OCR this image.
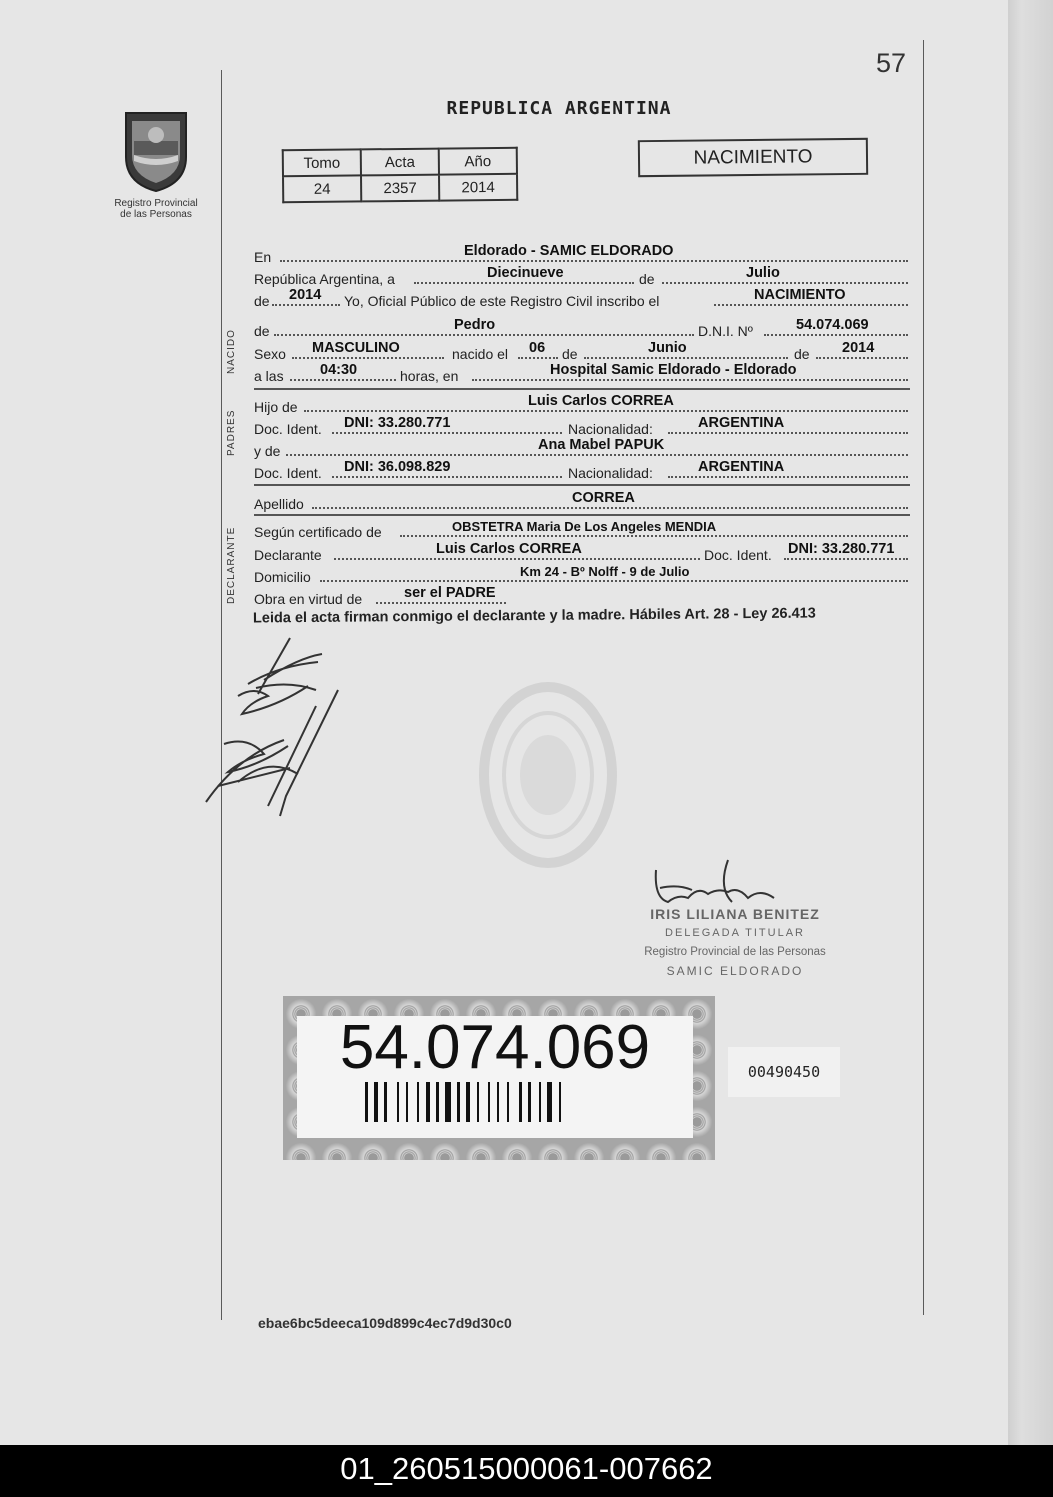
57
Registro Provincial
de las Personas
REPUBLICA ARGENTINA
Tomo	Acta	Año
24	2357	2014
NACIMIENTO
En	Eldorado - SAMIC ELDORADO
República Argentina, a	Diecinueve	de	Julio
de 2014 Yo, Oficial Público de este Registro Civil inscribo el	NACIMIENTO
NACIDO	de	Pedro	D.N.I. Nº	54.074.069
Sexo MASCULINO	nacido el 06 de	Junio	de 2014
a las	04:30	horas, en	Hospital Samic Eldorado - Eldorado
PADRES
Hijo de	Luis Carlos CORREA
Doc. Ident. DNI: 33.280.771	Nacionalidad:	ARGENTINA
y de	Ana Mabel PAPUK
Doc. Ident. DNI: 36.098.829	Nacionalidad:	ARGENTINA
Apellido	CORREA
DECLARANTE	Según certificado de	OBSTETRA Maria De Los Angeles MENDIA
Declarante	Luis Carlos CORREA	Doc. Ident. DNI: 33.280.771
Domicilio	Km 24 - Bº Nolff - 9 de Julio
Obra en virtud de	ser el PADRE
Leida el acta firman conmigo el declarante y la madre. Hábiles Art. 28 - Ley 26.413
IRIS LILIANA BENITEZ
DELEGADA TITULAR
Registro Provincial de las Personas
SAMIC ELDORADO
54.074.069	00490450
ebae6bc5deeca109d899c4ec7d9d30c0
01_260515000061-007662
